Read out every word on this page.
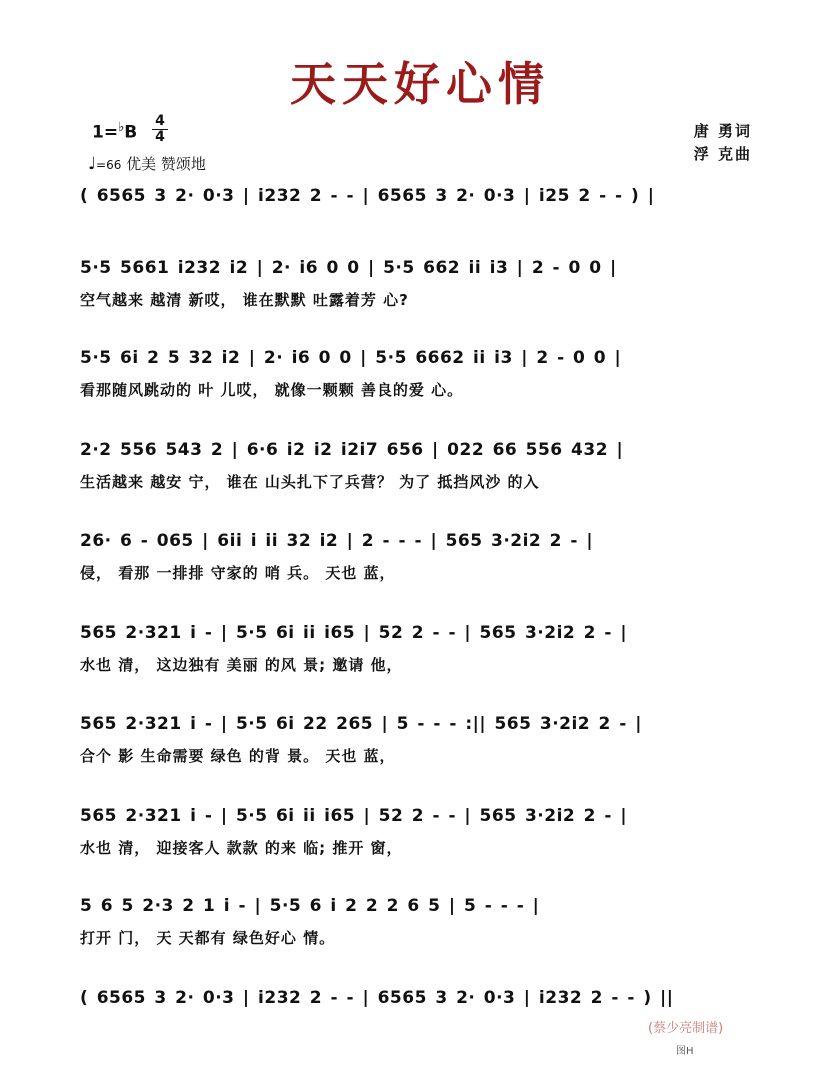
天天好心情
1=♭B
4
4
♩=66 优美 赞颂地
唐 勇词
浮 克曲
( 6565 3 2· 0·3 | i232 2 - - | 6565 3 2· 0·3 | i25 2 - - ) |
5·5 5661 i232 i2 | 2· i6 0 0 | 5·5 662 ii i3 | 2 - 0 0 |
空气越来 越清 新哎， 谁在默默 吐露着芳 心?
5·5 6i 2 5 32 i2 | 2· i6 0 0 | 5·5 6662 ii i3 | 2 - 0 0 |
看那随风跳动的 叶 儿哎， 就像一颗颗 善良的爱 心。
2·2 556 543 2 | 6·6 i2 i2 i2i7 656 | 022 66 556 432 |
生活越来 越安 宁， 谁在 山头扎下了兵营？ 为了 抵挡风沙 的入
26· 6 - 065 | 6ii i ii 32 i2 | 2 - - - | 565 3·2i2 2 - |
侵， 看那 一排排 守家的 哨 兵。 天也 蓝，
565 2·321 i - | 5·5 6i ii i65 | 52 2 - - | 565 3·2i2 2 - |
水也 清， 这边独有 美丽 的风 景; 邀请 他，
565 2·321 i - | 5·5 6i 22 265 | 5 - - - :|| 565 3·2i2 2 - |
合个 影 生命需要 绿色 的背 景。 天也 蓝，
565 2·321 i - | 5·5 6i ii i65 | 52 2 - - | 565 3·2i2 2 - |
水也 清， 迎接客人 款款 的来 临; 推开 窗，
5 6 5 2·3 2 1 i - | 5·5 6 i 2 2 2 6 5 | 5 - - - |
打开 门， 天 天都有 绿色好心 情。
( 6565 3 2· 0·3 | i232 2 - - | 6565 3 2· 0·3 | i232 2 - - ) ||
(蔡少亮制谱)
图H
